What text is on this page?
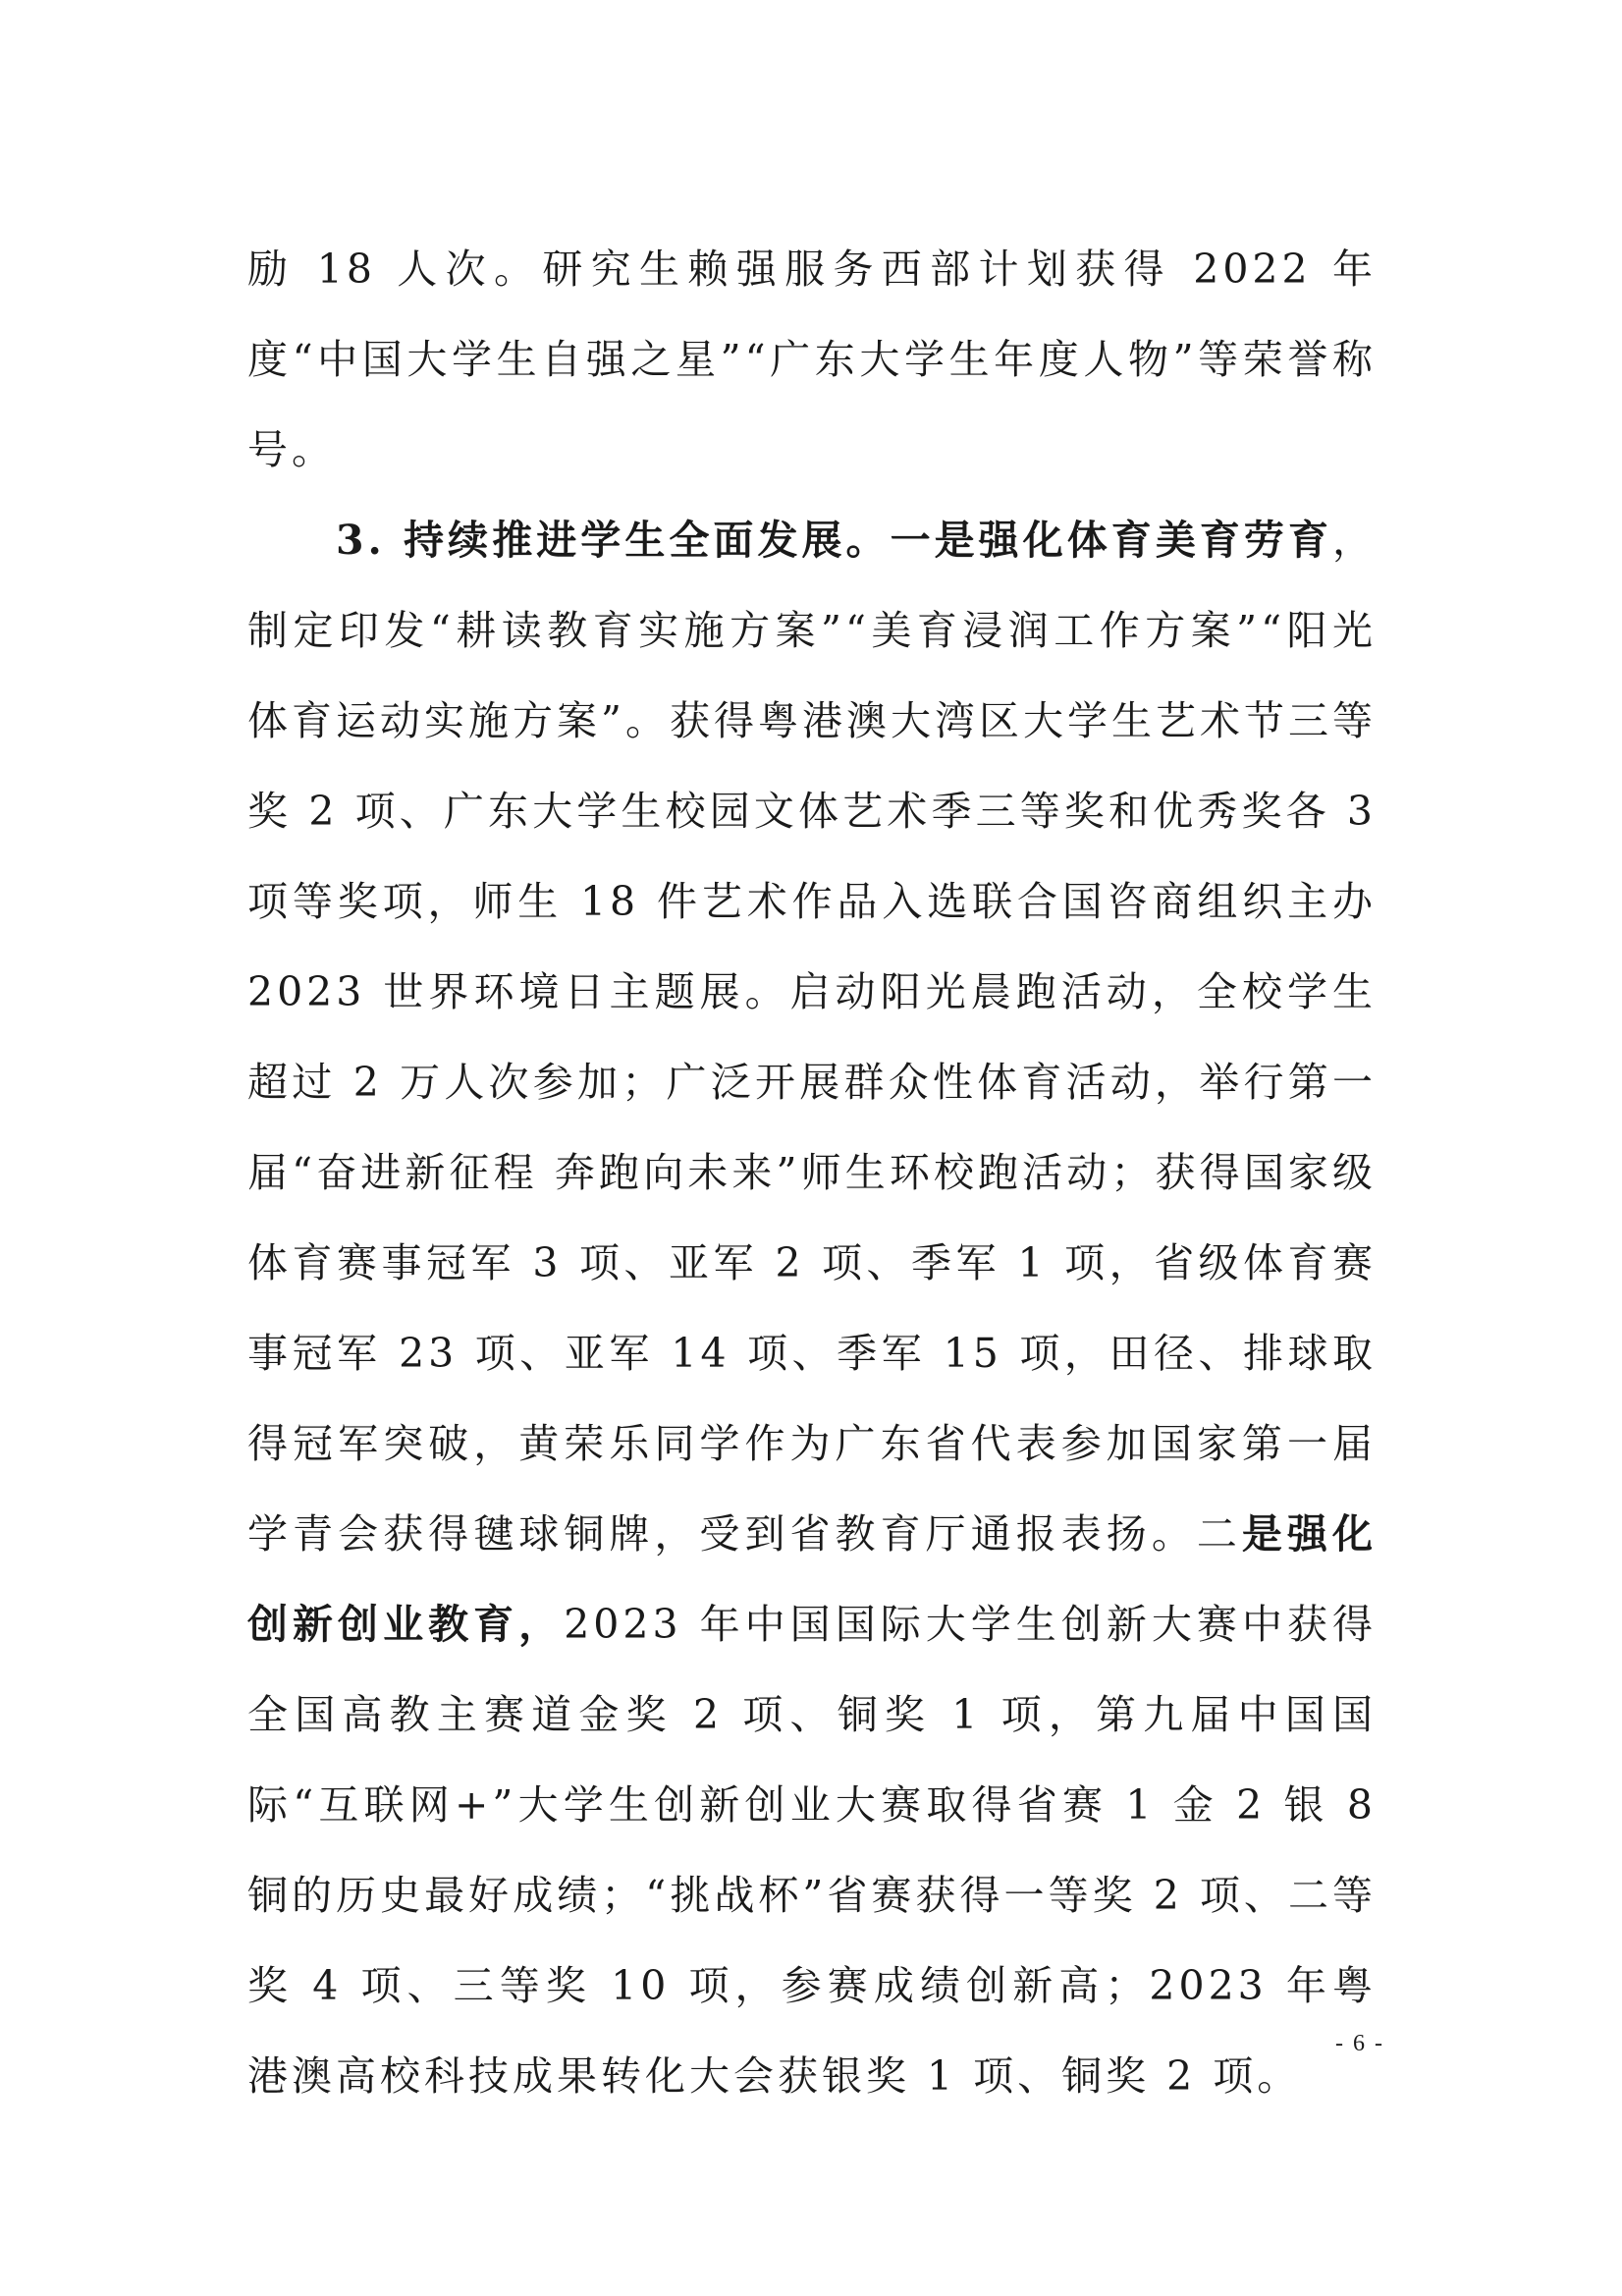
励 18 人次。研究生赖强服务西部计划获得 2022 年度“中国大学生自强之星”“广东大学生年度人物”等荣誉称号。

3. 持续推进学生全面发展。一是强化体育美育劳育，制定印发“耕读教育实施方案”“美育浸润工作方案”“阳光体育运动实施方案”。获得粤港澳大湾区大学生艺术节三等奖 2 项、广东大学生校园文体艺术季三等奖和优秀奖各 3 项等奖项，师生 18 件艺术作品入选联合国咨商组织主办 2023 世界环境日主题展。启动阳光晨跑活动，全校学生超过 2 万人次参加；广泛开展群众性体育活动，举行第一届“奋进新征程 奔跑向未来”师生环校跑活动；获得国家级体育赛事冠军 3 项、亚军 2 项、季军 1 项，省级体育赛事冠军 23 项、亚军 14 项、季军 15 项，田径、排球取得冠军突破，黄荣乐同学作为广东省代表参加国家第一届学青会获得毽球铜牌，受到省教育厅通报表扬。二是强化创新创业教育，2023 年中国国际大学生创新大赛中获得全国高教主赛道金奖 2 项、铜奖 1 项，第九届中国国际“互联网+”大学生创新创业大赛取得省赛 1 金 2 银 8 铜的历史最好成绩；“挑战杯”省赛获得一等奖 2 项、二等奖 4 项、三等奖 10 项，参赛成绩创新高；2023 年粤港澳高校科技成果转化大会获银奖 1 项、铜奖 2 项。

- 6 -
